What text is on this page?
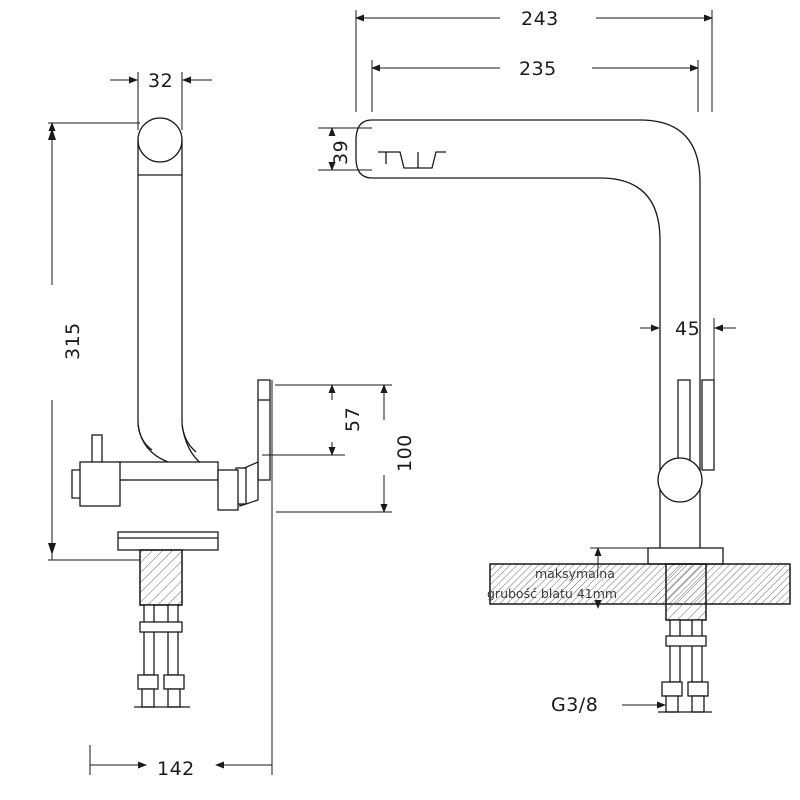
32
315
142
57
100
243
235
39
45
G3/8
maksymalna
grubość blatu 41mm
